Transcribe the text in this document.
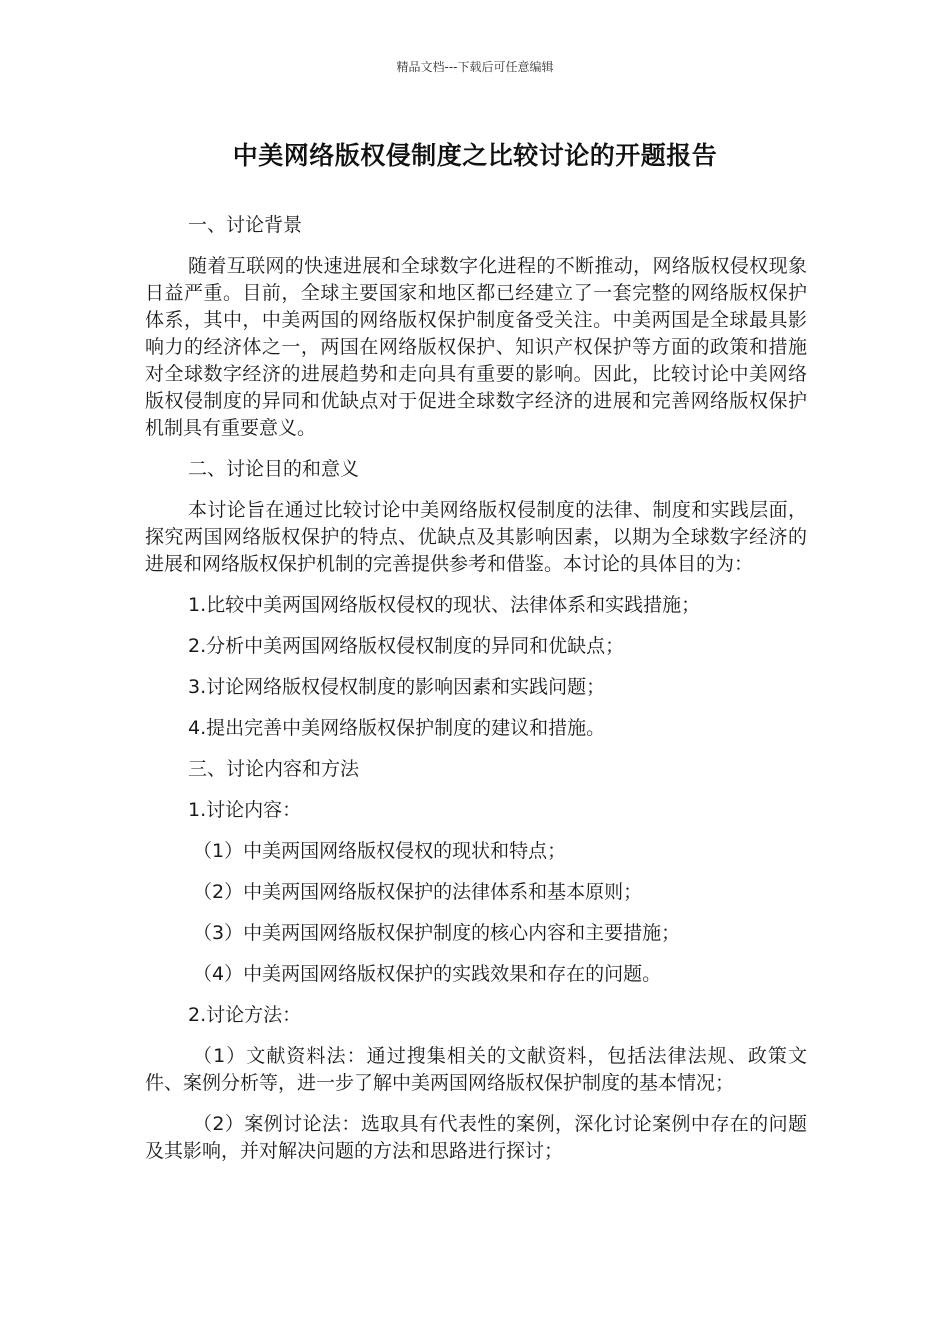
精品文档---下载后可任意编辑
中美网络版权侵制度之比较讨论的开题报告

一、讨论背景

随着互联网的快速进展和全球数字化进程的不断推动，网络版权侵权现象日益严重。目前，全球主要国家和地区都已经建立了一套完整的网络版权保护体系，其中，中美两国的网络版权保护制度备受关注。中美两国是全球最具影响力的经济体之一，两国在网络版权保护、知识产权保护等方面的政策和措施对全球数字经济的进展趋势和走向具有重要的影响。因此，比较讨论中美网络版权侵制度的异同和优缺点对于促进全球数字经济的进展和完善网络版权保护机制具有重要意义。

二、讨论目的和意义

本讨论旨在通过比较讨论中美网络版权侵制度的法律、制度和实践层面，探究两国网络版权保护的特点、优缺点及其影响因素，以期为全球数字经济的进展和网络版权保护机制的完善提供参考和借鉴。本讨论的具体目的为：

1.比较中美两国网络版权侵权的现状、法律体系和实践措施；

2.分析中美两国网络版权侵权制度的异同和优缺点；

3.讨论网络版权侵权制度的影响因素和实践问题；

4.提出完善中美网络版权保护制度的建议和措施。

三、讨论内容和方法

1.讨论内容：

（1）中美两国网络版权侵权的现状和特点；

（2）中美两国网络版权保护的法律体系和基本原则；

（3）中美两国网络版权保护制度的核心内容和主要措施；

（4）中美两国网络版权保护的实践效果和存在的问题。

2.讨论方法：

（1）文献资料法：通过搜集相关的文献资料，包括法律法规、政策文件、案例分析等，进一步了解中美两国网络版权保护制度的基本情况；

（2）案例讨论法：选取具有代表性的案例，深化讨论案例中存在的问题及其影响，并对解决问题的方法和思路进行探讨；
